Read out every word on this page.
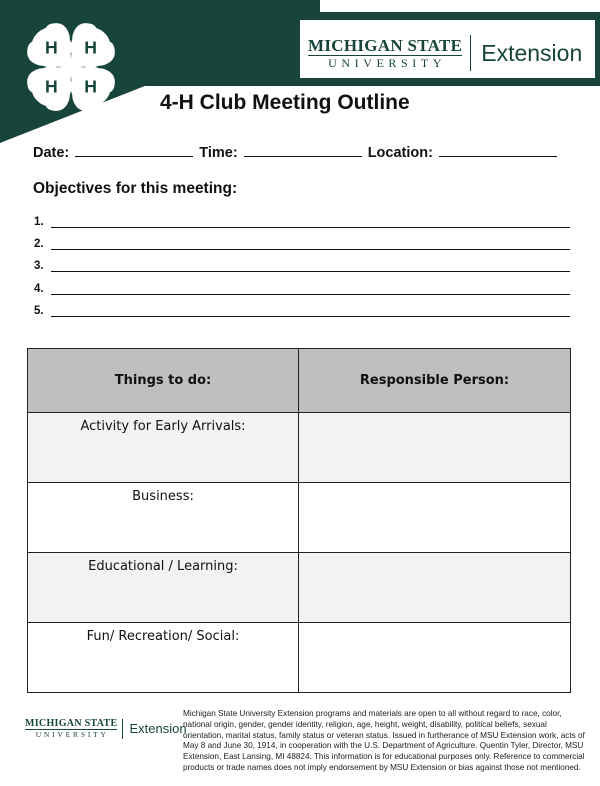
H H
H H
MICHIGAN STATE
UNIVERSITY Extension
4-H Club Meeting Outline
Date:	Time:	Location:
Objectives for this meeting:
1.
2.
3.
4.
5.
Things to do:	Responsible Person:
Activity for Early Arrivals:	
Business:	
Educational / Learning:	
Fun/ Recreation/ Social:	
MICHIGAN STATE
UNIVERSITY Extension
Michigan State University Extension programs and materials are open to all without regard to race, color, national origin, gender, gender identity, religion, age, height, weight, disability, political beliefs, sexual orientation, marital status, family status or veteran status. Issued in furtherance of MSU Extension work, acts of May 8 and June 30, 1914, in cooperation with the U.S. Department of Agriculture. Quentin Tyler, Director, MSU Extension, East Lansing, MI 48824. This information is for educational purposes only. Reference to commercial products or trade names does not imply endorsement by MSU Extension or bias against those not mentioned.
